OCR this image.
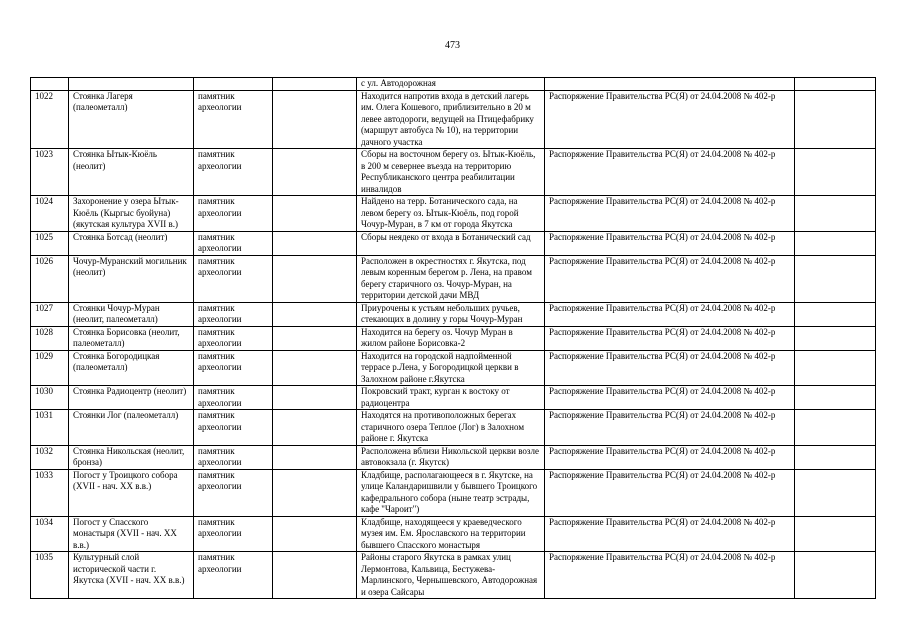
473
				с ул. Автодорожная		
1022	Стоянка Лагеря (палеометалл)	памятник археологии		Находится напротив входа в детский лагерь им. Олега Кошевого, приблизительно в 20 м левее автодороги, ведущей на Птицефабрику (маршрут автобуса № 10), на территории дачного участка	Распоряжение Правительства РС(Я) от 24.04.2008 № 402-р	
1023	Стоянка Ытык-Кюёль (неолит)	памятник археологии		Сборы на восточном берегу оз. Ытык-Кюёль, в 200 м севернее въезда на территорию Республиканского центра реабилитации инвалидов	Распоряжение Правительства РС(Я) от 24.04.2008 № 402-р	
1024	Захоронение у озера Ытык-Кюёль (Кыргыс буойуна) (якутская культура XVII в.)	памятник археологии		Найдено на терр. Ботанического сада, на левом берегу оз. Ытык-Кюёль, под горой Чочур-Муран, в 7 км от города Якутска	Распоряжение Правительства РС(Я) от 24.04.2008 № 402-р	
1025	Стоянка Ботсад (неолит)	памятник археологии		Сборы неядеко от входа в Ботанический сад	Распоряжение Правительства РС(Я) от 24.04.2008 № 402-р	
1026	Чочур-Муранский могильник (неолит)	памятник археологии		Расположен в окрестностях г. Якутска, под левым коренным берегом р. Лена, на правом берегу старичного оз. Чочур-Муран, на территории детской дачи МВД	Распоряжение Правительства РС(Я) от 24.04.2008 № 402-р	
1027	Стоянки Чочур-Муран (неолит, палеометалл)	памятник археологии		Приурочены к устьям небольших ручьев, стекающих в долину у горы Чочур-Муран	Распоряжение Правительства РС(Я) от 24.04.2008 № 402-р	
1028	Стоянка Борисовка (неолит, палеометалл)	памятник археологии		Находится на берегу оз. Чочур Муран в жилом районе Борисовка-2	Распоряжение Правительства РС(Я) от 24.04.2008 № 402-р	
1029	Стоянка Богородицкая (палеометалл)	памятник археологии		Находится на городской надпойменной террасе р.Лена, у Богородицкой церкви в Залохном районе г.Якутска	Распоряжение Правительства РС(Я) от 24.04.2008 № 402-р	
1030	Стоянка Радиоцентр (неолит)	памятник археологии		Покровский тракт, курган к востоку от радиоцентра	Распоряжение Правительства РС(Я) от 24.04.2008 № 402-р	
1031	Стоянки Лог (палеометалл)	памятник археологии		Находятся на противоположных берегах старичного озера Теплое (Лог) в Залохном районе г. Якутска	Распоряжение Правительства РС(Я) от 24.04.2008 № 402-р	
1032	Стоянка Никольская (неолит, бронза)	памятник археологии		Расположена вблизи Никольской церкви возле автовокзала (г. Якутск)	Распоряжение Правительства РС(Я) от 24.04.2008 № 402-р	
1033	Погост у Троицкого собора (XVII - нач. XX в.в.)	памятник археологии		Кладбище, располагающееся в г. Якутске, на улице Каландаришвили у бывшего Троицкого кафедрального собора (ныне театр эстрады, кафе "Чароит")	Распоряжение Правительства РС(Я) от 24.04.2008 № 402-р	
1034	Погост у Спасского монастыря (XVII - нач. XX в.в.)	памятник археологии		Кладбище, находящееся у краеведческого музея им. Ем. Ярославского на территории бывшего Спасского монастыря	Распоряжение Правительства РС(Я) от 24.04.2008 № 402-р	
1035	Культурный слой исторической части г. Якутска (XVII - нач. XX в.в.)	памятник археологии		Районы старого Якутска в рамках улиц Лермонтова, Кальвица, Бестужева-Марлинского, Чернышевского, Автодорожная и озера Сайсары	Распоряжение Правительства РС(Я) от 24.04.2008 № 402-р	
